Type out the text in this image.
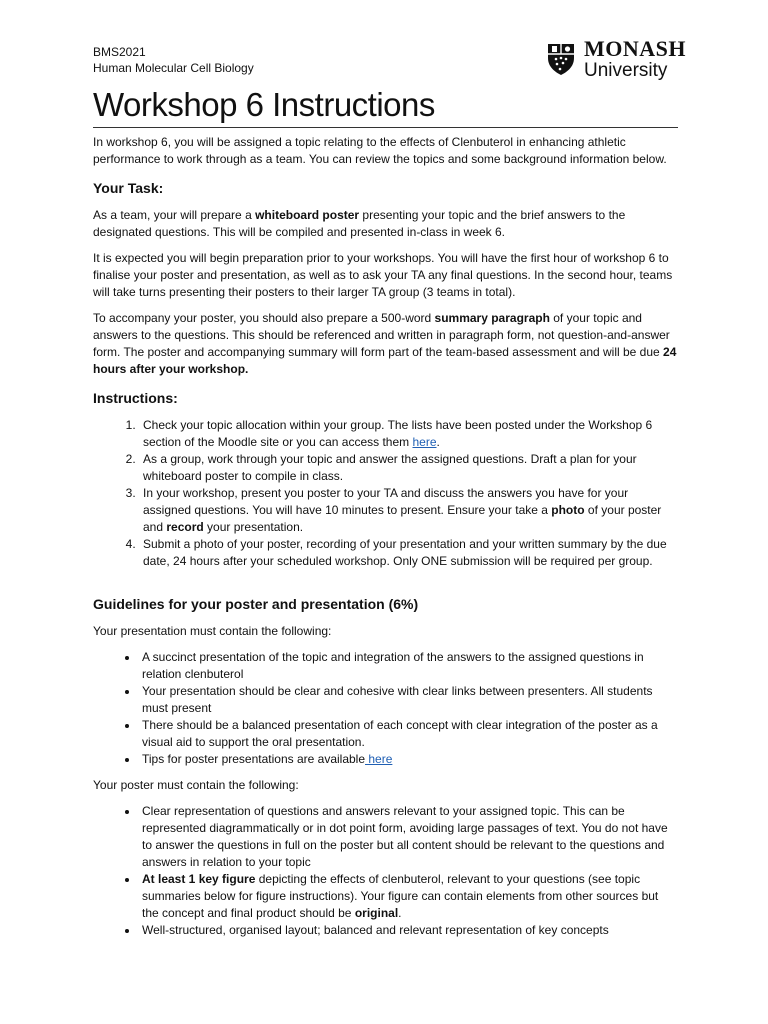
BMS2021
Human Molecular Cell Biology
MONASH
University
Workshop 6 Instructions

In workshop 6, you will be assigned a topic relating to the effects of Clenbuterol in enhancing athletic performance to work through as a team. You can review the topics and some background information below.

Your Task:

As a team, your will prepare a whiteboard poster presenting your topic and the brief answers to the designated questions. This will be compiled and presented in-class in week 6.

It is expected you will begin preparation prior to your workshops. You will have the first hour of workshop 6 to finalise your poster and presentation, as well as to ask your TA any final questions. In the second hour, teams will take turns presenting their posters to their larger TA group (3 teams in total).

To accompany your poster, you should also prepare a 500-word summary paragraph of your topic and answers to the questions. This should be referenced and written in paragraph form, not question-and-answer form. The poster and accompanying summary will form part of the team-based assessment and will be due 24 hours after your workshop.

Instructions:
1. Check your topic allocation within your group. The lists have been posted under the Workshop 6 section of the Moodle site or you can access them here.
2. As a group, work through your topic and answer the assigned questions. Draft a plan for your whiteboard poster to compile in class.
3. In your workshop, present you poster to your TA and discuss the answers you have for your assigned questions. You will have 10 minutes to present. Ensure your take a photo of your poster and record your presentation.
4. Submit a photo of your poster, recording of your presentation and your written summary by the due date, 24 hours after your scheduled workshop. Only ONE submission will be required per group.
Guidelines for your poster and presentation (6%)

Your presentation must contain the following:

• A succinct presentation of the topic and integration of the answers to the assigned questions in relation clenbuterol
• Your presentation should be clear and cohesive with clear links between presenters. All students must present
• There should be a balanced presentation of each concept with clear integration of the poster as a visual aid to support the oral presentation.
• Tips for poster presentations are available here

Your poster must contain the following:

• Clear representation of questions and answers relevant to your assigned topic. This can be represented diagrammatically or in dot point form, avoiding large passages of text. You do not have to answer the questions in full on the poster but all content should be relevant to the questions and answers in relation to your topic
• At least 1 key figure depicting the effects of clenbuterol, relevant to your questions (see topic summaries below for figure instructions). Your figure can contain elements from other sources but the concept and final product should be original.
• Well-structured, organised layout; balanced and relevant representation of key concepts
